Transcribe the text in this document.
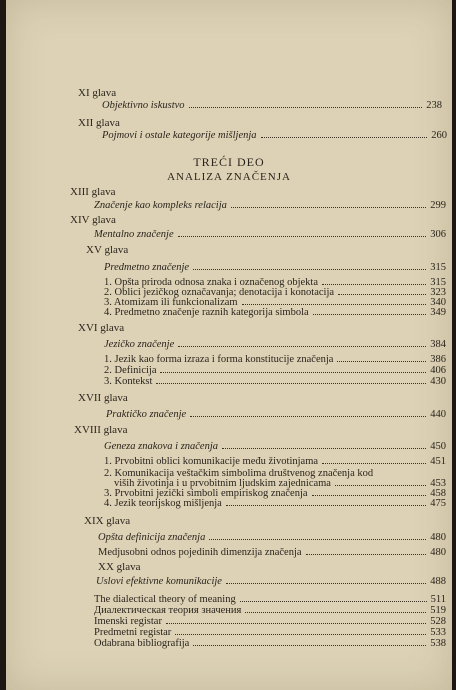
XI glava
Objektivno iskustvo	238
XII glava
Pojmovi i ostale kategorije mišljenja	260
TREĆI DEO
ANALIZA ZNAČENJA
XIII glava
Značenje kao kompleks relacija	299
XIV glava
Mentalno značenje	306
XV glava
Predmetno značenje	315
1. Opšta priroda odnosa znaka i označenog objekta	315
2. Oblici jezičkog označavanja; denotacija i konotacija	323
3. Atomizam ili funkcionalizam	340
4. Predmetno značenje raznih kategorija simbola	349
XVI glava
Jezičko značenje	384
1. Jezik kao forma izraza i forma konstitucije značenja	386
2. Definicija	406
3. Kontekst	430
XVII glava
Praktičko značenje	440
XVIII glava
Geneza znakova i značenja	450
1. Prvobitni oblici komunikacije među životinjama	451
2. Komunikacija veštačkim simbolima društvenog značenja kod
viših životinja i u prvobitnim ljudskim zajednicama	453
3. Prvobitni jezički simboli empiriskog značenja	458
4. Jezik teorijskog mišljenja	475
XIX glava
Opšta definicija značenja	480
Medjusobni odnos pojedinih dimenzija značenja	480
XX glava
Uslovi efektivne komunikacije	488
The dialectical theory of meaning	511
Диалектическая теория значения	519
Imenski registar	528
Predmetni registar	533
Odabrana bibliografija	538
